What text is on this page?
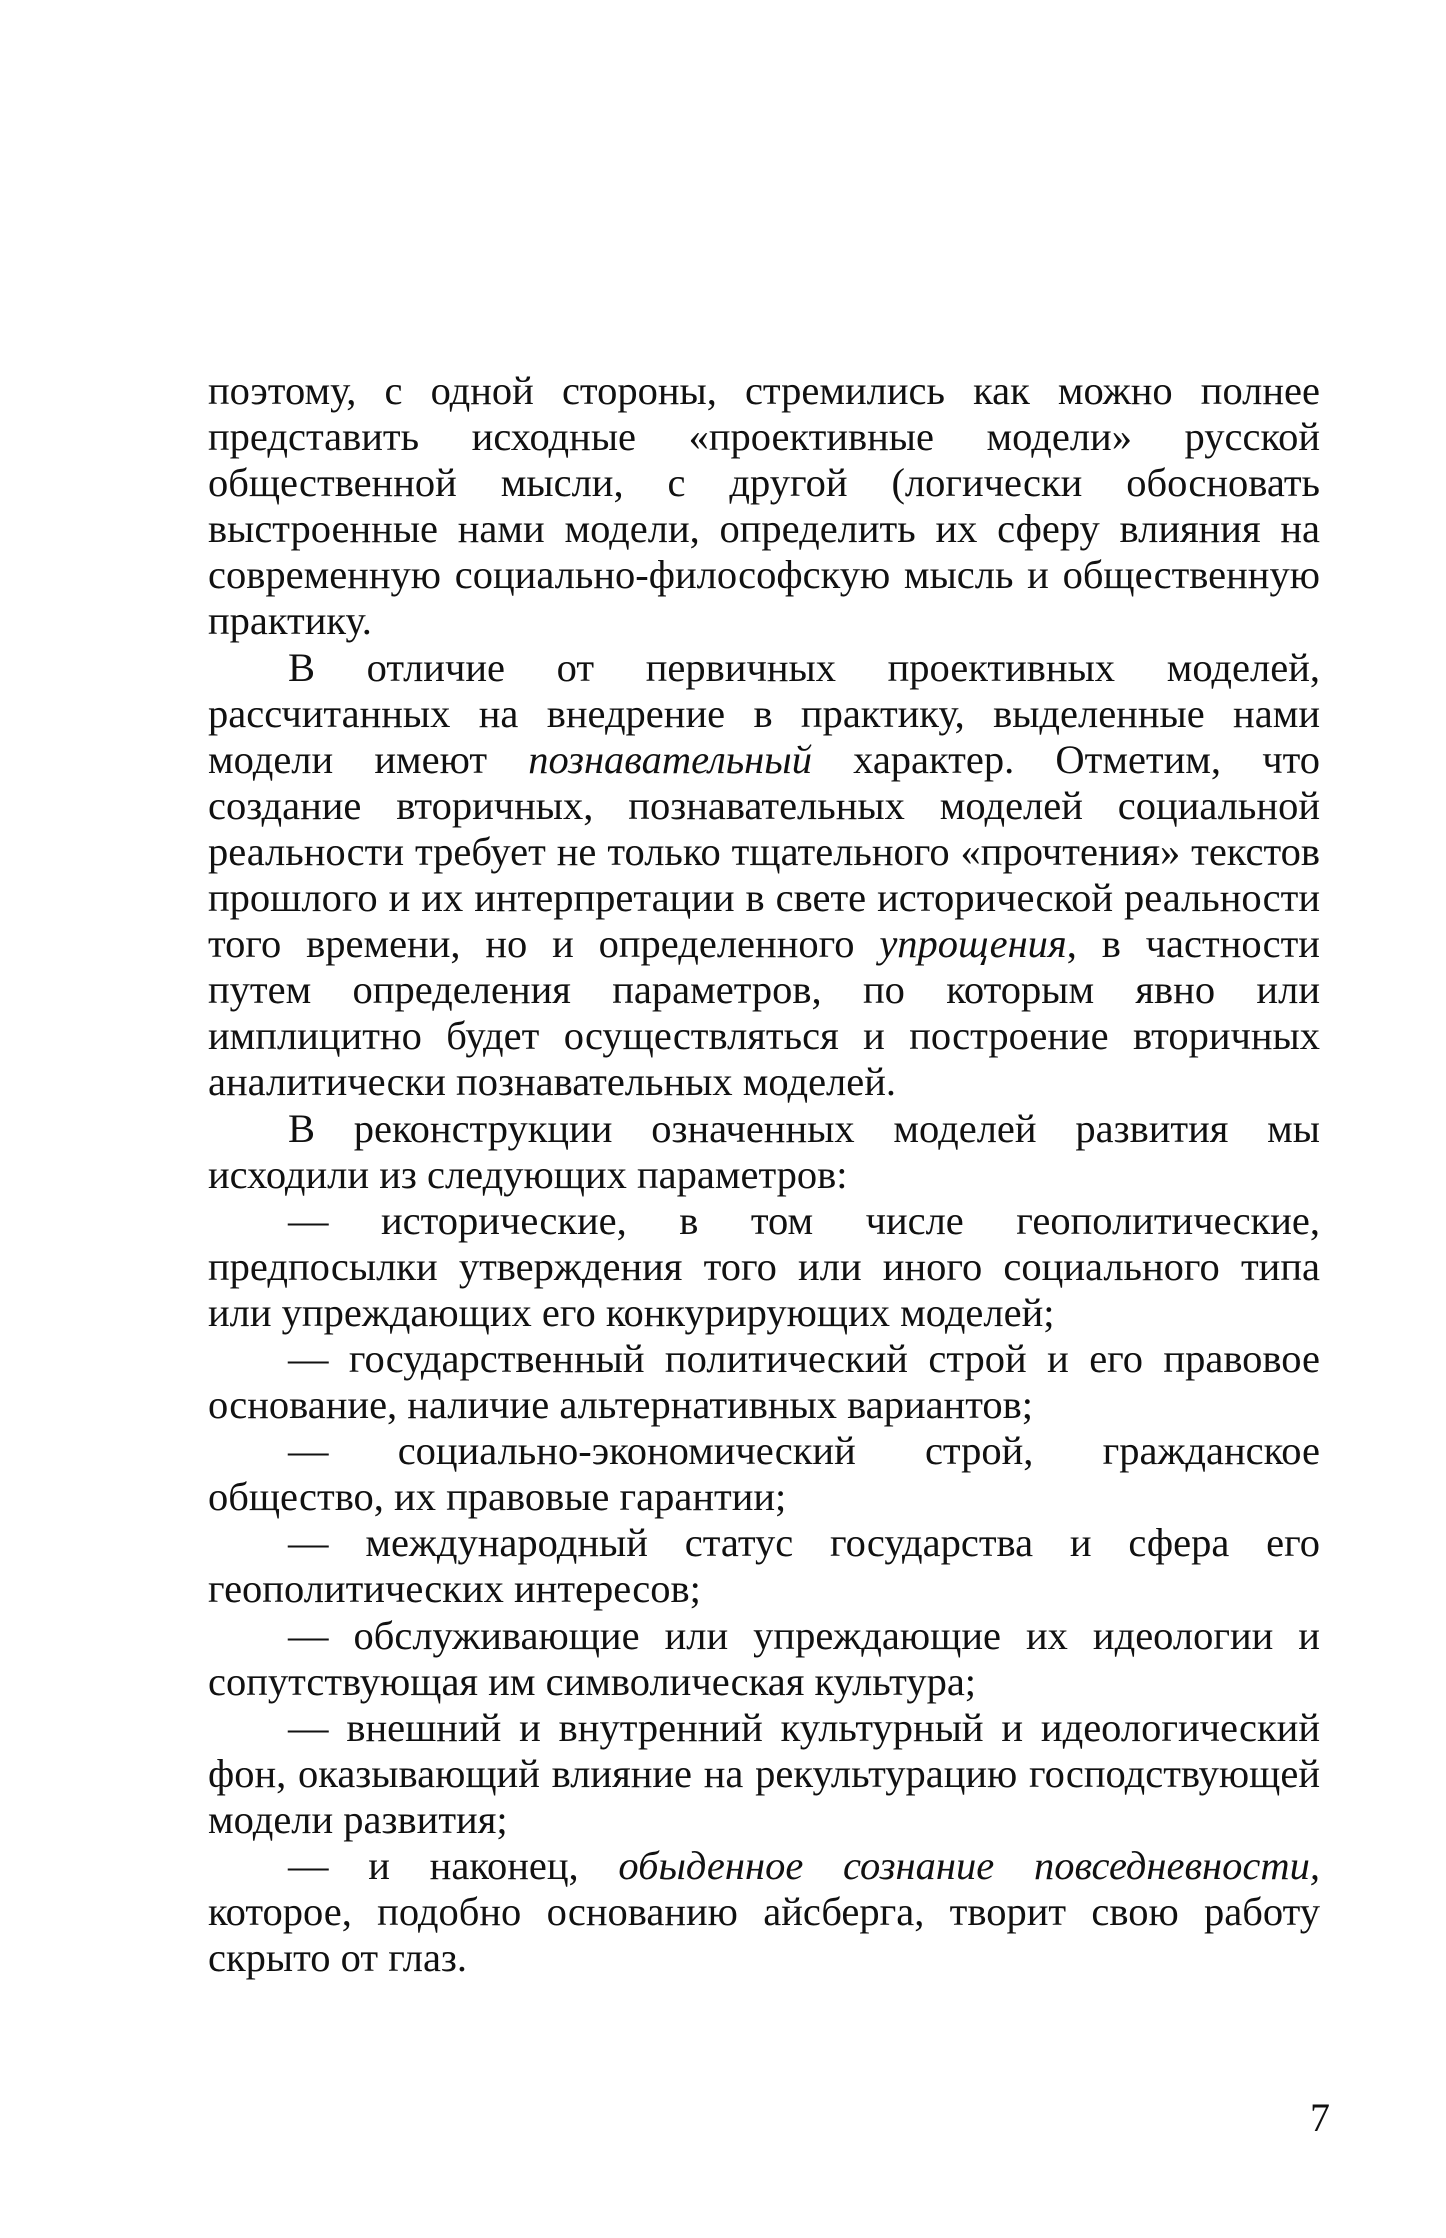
поэтому, с одной стороны, стремились как можно полнее представить исходные «проективные модели» русской общественной мысли, с другой (логически обосновать выстроенные нами модели, определить их сферу влияния на современную социально-философскую мысль и общественную практику.

В отличие от первичных проективных моделей, рассчитанных на внедрение в практику, выделенные нами модели имеют познавательный характер. Отметим, что создание вторичных, познавательных моделей социальной реальности требует не только тщательного «прочтения» текстов прошлого и их интерпретации в свете исторической реальности того времени, но и определенного упрощения, в частности путем определения параметров, по которым явно или имплицитно будет осуществляться и построение вторичных аналитически познавательных моделей.

В реконструкции означенных моделей развития мы исходили из следующих параметров:

— исторические, в том числе геополитические, предпосылки утверждения того или иного социального типа или упреждающих его конкурирующих моделей;

— государственный политический строй и его правовое основание, наличие альтернативных вариантов;

— социально-экономический строй, гражданское общество, их правовые гарантии;

— международный статус государства и сфера его геополитических интересов;

— обслуживающие или упреждающие их идеологии и сопутствующая им символическая культура;

— внешний и внутренний культурный и идеологический фон, оказывающий влияние на рекультурацию господствующей модели развития;

— и наконец, обыденное сознание повседневности, которое, подобно основанию айсберга, творит свою работу скрыто от глаз.

7
